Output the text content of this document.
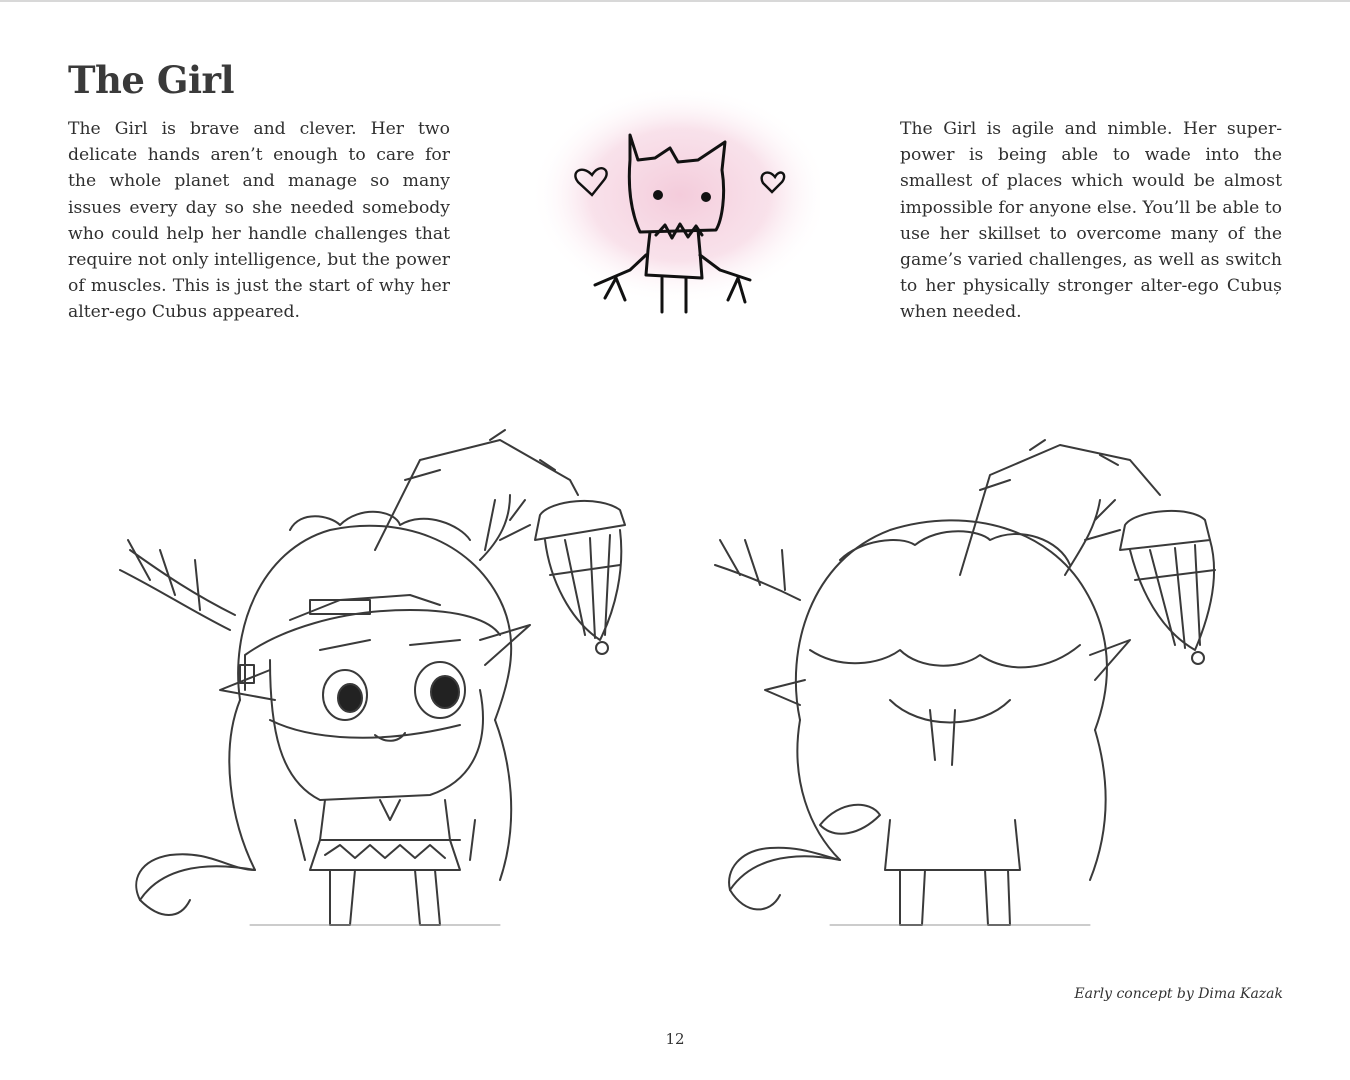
The Girl

The Girl is brave and clever. Her two delicate hands aren’t enough to care for the whole planet and manage so many issues every day so she needed somebody who could help her handle challenges that require not only intelligence, but the power of muscles. This is just the start of why her alter-ego Cubus appeared.

The Girl is agile and nimble. Her super-power is being able to wade into the smallest of places which would be almost impossible for anyone else. You’ll be able to use her skillset to overcome many of the game’s varied challenges, as well as switch to her physically stronger alter-ego Cubuș when needed.

Early concept by Dima Kazak

12
